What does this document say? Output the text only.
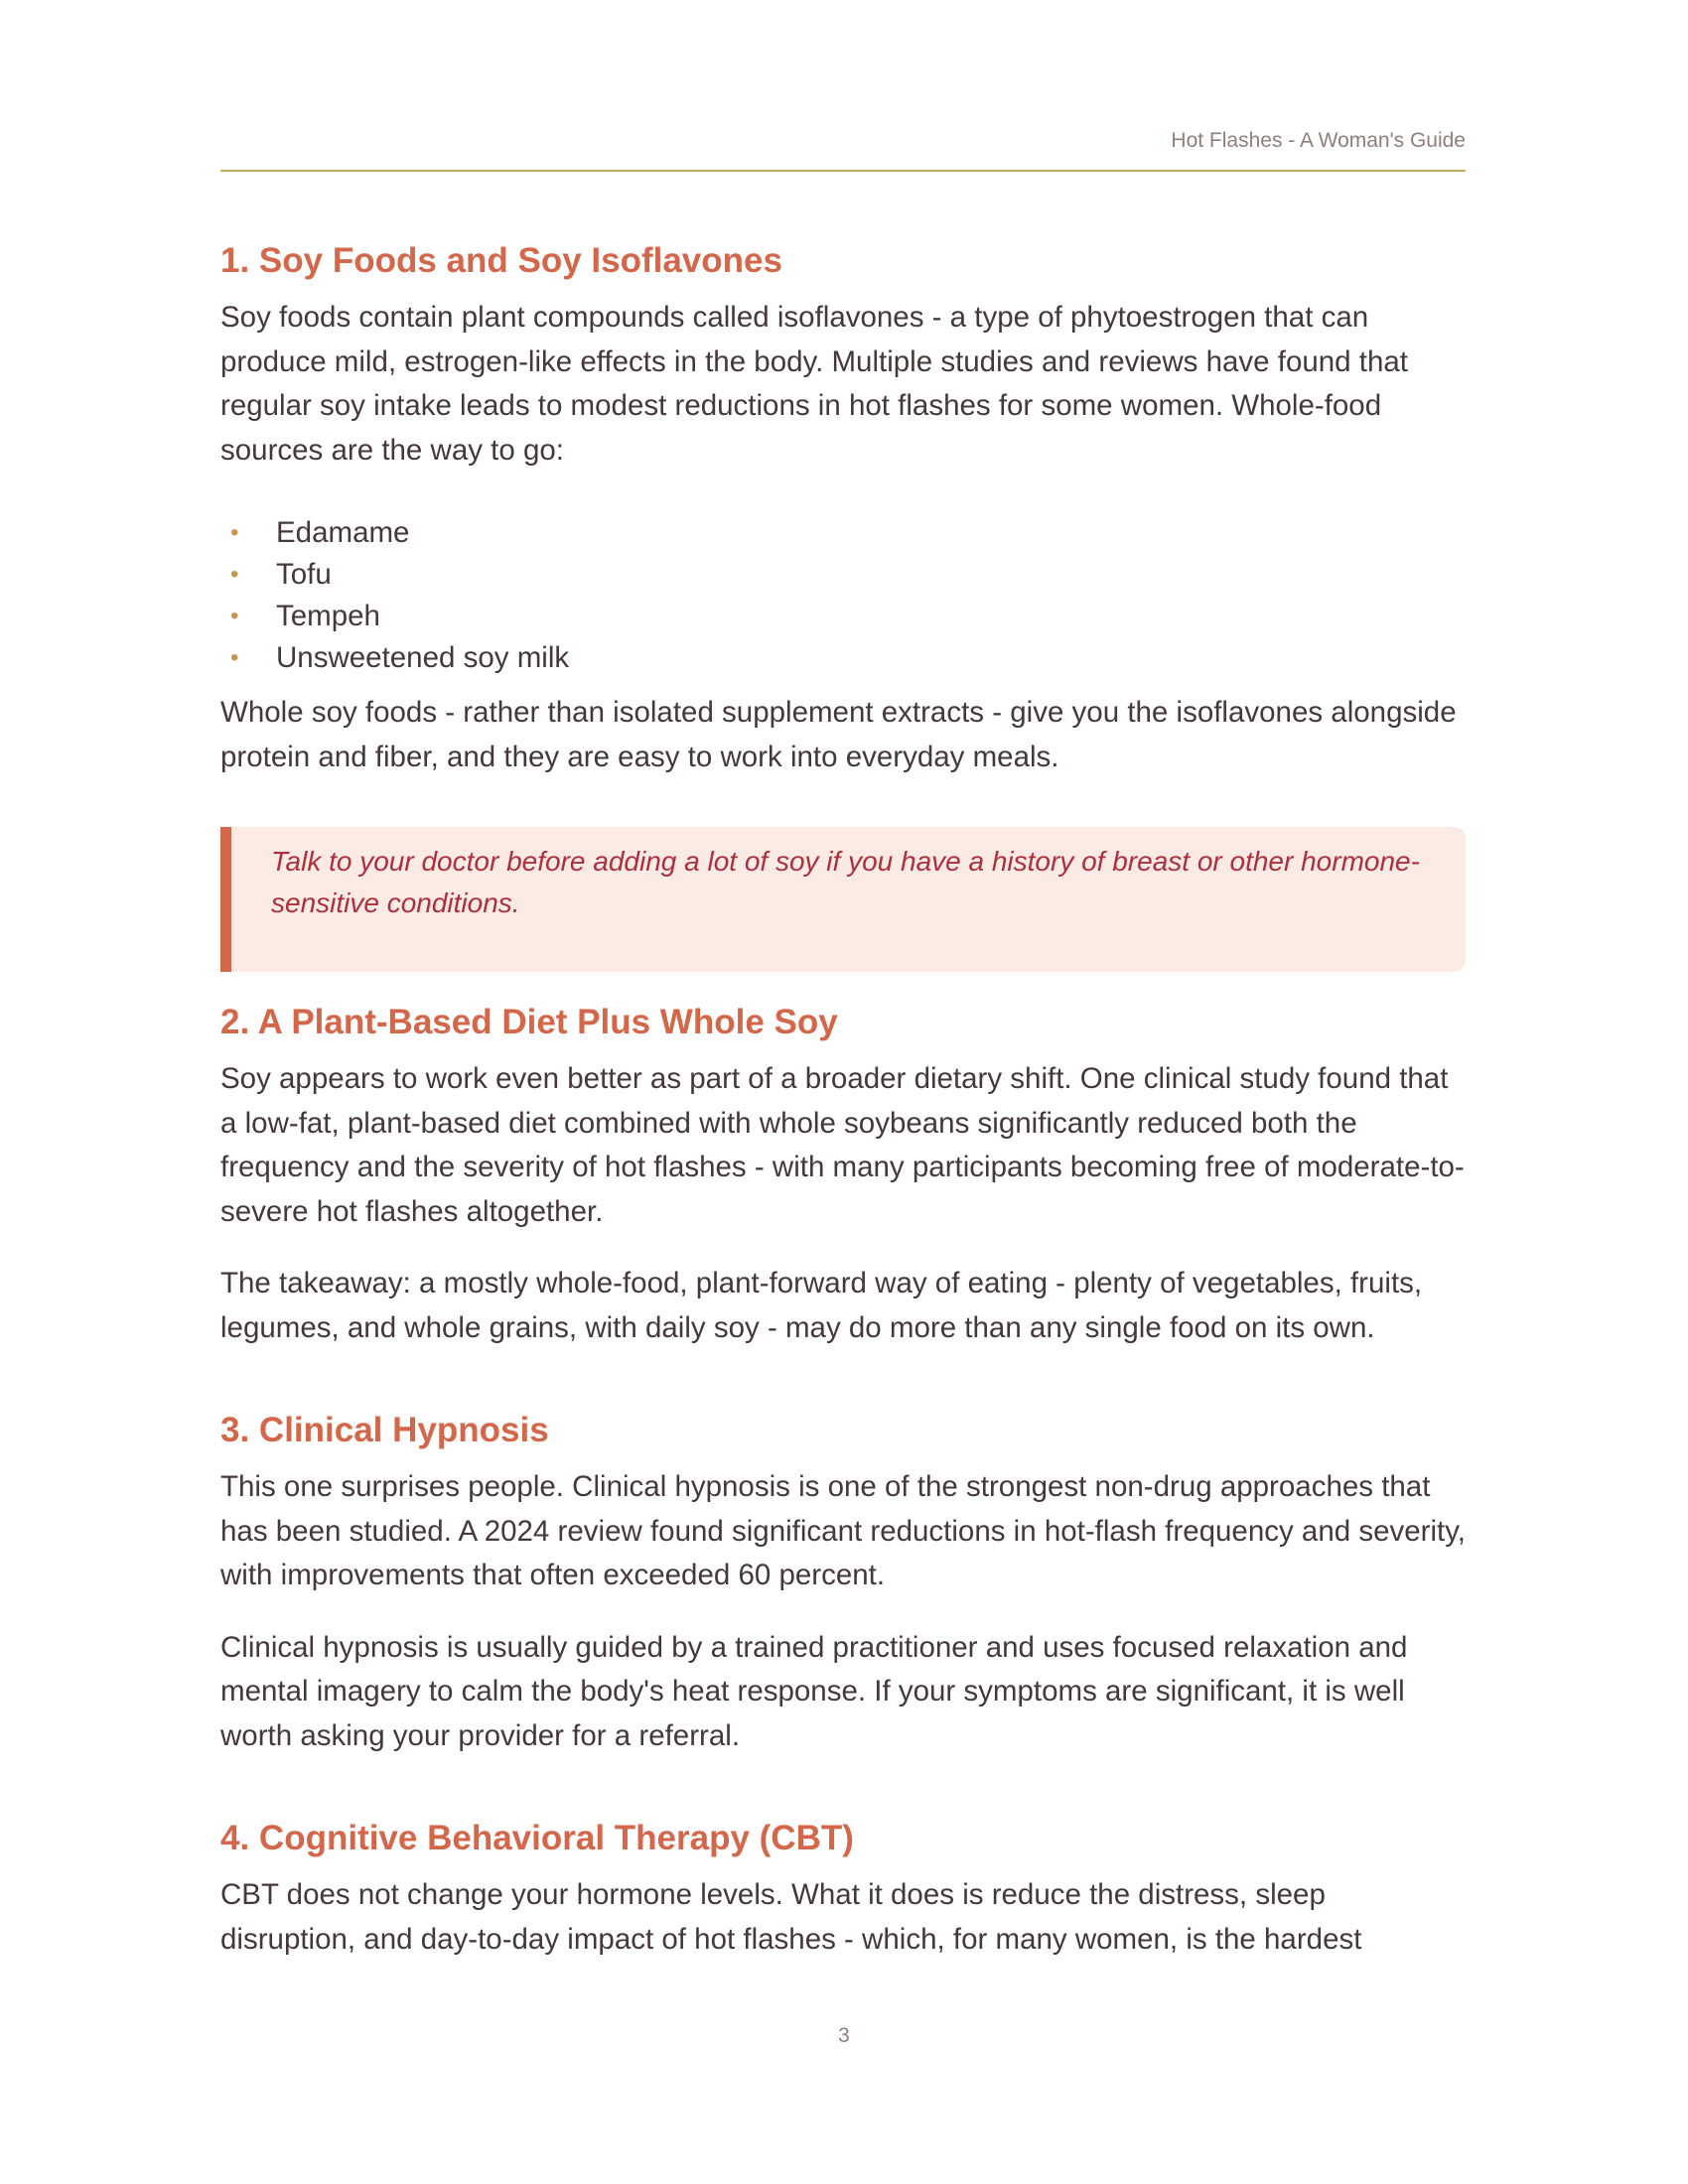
Hot Flashes - A Woman's Guide
1. Soy Foods and Soy Isoflavones

Soy foods contain plant compounds called isoflavones - a type of phytoestrogen that can produce mild, estrogen-like effects in the body. Multiple studies and reviews have found that regular soy intake leads to modest reductions in hot flashes for some women. Whole-food sources are the way to go:

• Edamame
• Tofu
• Tempeh
• Unsweetened soy milk

Whole soy foods - rather than isolated supplement extracts - give you the isoflavones alongside protein and fiber, and they are easy to work into everyday meals.

Talk to your doctor before adding a lot of soy if you have a history of breast or other hormone-sensitive conditions.

2. A Plant-Based Diet Plus Whole Soy

Soy appears to work even better as part of a broader dietary shift. One clinical study found that a low-fat, plant-based diet combined with whole soybeans significantly reduced both the frequency and the severity of hot flashes - with many participants becoming free of moderate-to-severe hot flashes altogether.

The takeaway: a mostly whole-food, plant-forward way of eating - plenty of vegetables, fruits, legumes, and whole grains, with daily soy - may do more than any single food on its own.

3. Clinical Hypnosis

This one surprises people. Clinical hypnosis is one of the strongest non-drug approaches that has been studied. A 2024 review found significant reductions in hot-flash frequency and severity, with improvements that often exceeded 60 percent.

Clinical hypnosis is usually guided by a trained practitioner and uses focused relaxation and mental imagery to calm the body's heat response. If your symptoms are significant, it is well worth asking your provider for a referral.

4. Cognitive Behavioral Therapy (CBT)

CBT does not change your hormone levels. What it does is reduce the distress, sleep disruption, and day-to-day impact of hot flashes - which, for many women, is the hardest

3
